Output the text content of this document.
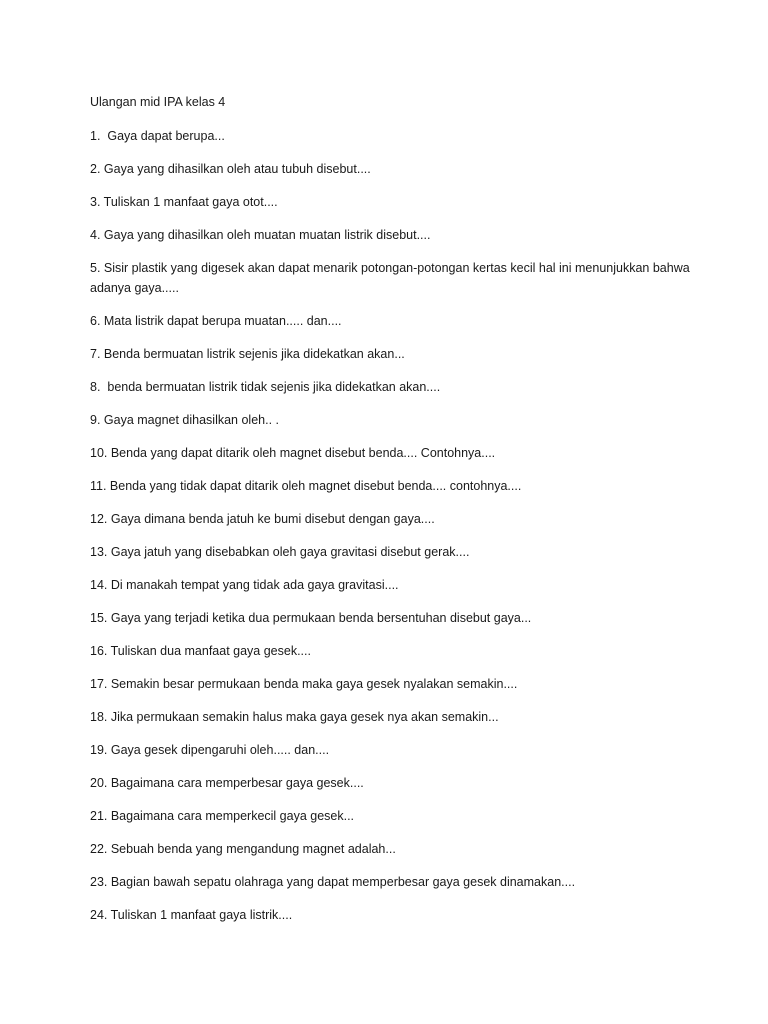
Ulangan mid IPA kelas 4
1.  Gaya dapat berupa...
2. Gaya yang dihasilkan oleh atau tubuh disebut....
3. Tuliskan 1 manfaat gaya otot....
4. Gaya yang dihasilkan oleh muatan muatan listrik disebut....
5. Sisir plastik yang digesek akan dapat menarik potongan-potongan kertas kecil hal ini menunjukkan bahwa adanya gaya.....
6. Mata listrik dapat berupa muatan..... dan....
7. Benda bermuatan listrik sejenis jika didekatkan akan...
8.  benda bermuatan listrik tidak sejenis jika didekatkan akan....
9. Gaya magnet dihasilkan oleh.. .
10. Benda yang dapat ditarik oleh magnet disebut benda.... Contohnya....
11. Benda yang tidak dapat ditarik oleh magnet disebut benda.... contohnya....
12. Gaya dimana benda jatuh ke bumi disebut dengan gaya....
13. Gaya jatuh yang disebabkan oleh gaya gravitasi disebut gerak....
14. Di manakah tempat yang tidak ada gaya gravitasi....
15. Gaya yang terjadi ketika dua permukaan benda bersentuhan disebut gaya...
16. Tuliskan dua manfaat gaya gesek....
17. Semakin besar permukaan benda maka gaya gesek nyalakan semakin....
18. Jika permukaan semakin halus maka gaya gesek nya akan semakin...
19. Gaya gesek dipengaruhi oleh..... dan....
20. Bagaimana cara memperbesar gaya gesek....
21. Bagaimana cara memperkecil gaya gesek...
22. Sebuah benda yang mengandung magnet adalah...
23. Bagian bawah sepatu olahraga yang dapat memperbesar gaya gesek dinamakan....
24. Tuliskan 1 manfaat gaya listrik....
